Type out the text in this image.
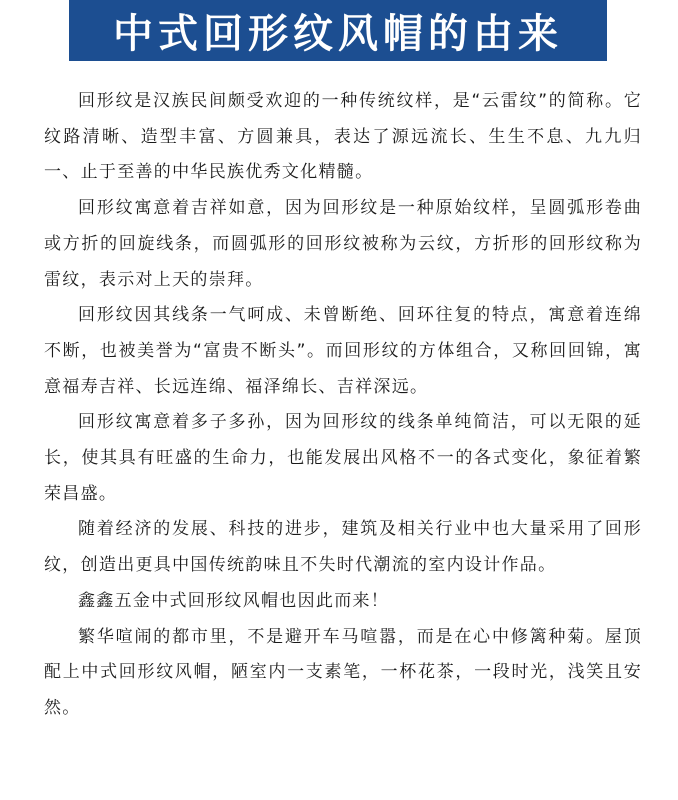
中式回形纹风帽的由来

回形纹是汉族民间颇受欢迎的一种传统纹样，是“云雷纹”的简称。它纹路清晰、造型丰富、方圆兼具，表达了源远流长、生生不息、九九归一、止于至善的中华民族优秀文化精髓。

回形纹寓意着吉祥如意，因为回形纹是一种原始纹样，呈圆弧形卷曲或方折的回旋线条，而圆弧形的回形纹被称为云纹，方折形的回形纹称为雷纹，表示对上天的崇拜。

回形纹因其线条一气呵成、未曾断绝、回环往复的特点，寓意着连绵不断，也被美誉为“富贵不断头”。而回形纹的方体组合，又称回回锦，寓意福寿吉祥、长远连绵、福泽绵长、吉祥深远。

回形纹寓意着多子多孙，因为回形纹的线条单纯简洁，可以无限的延长，使其具有旺盛的生命力，也能发展出风格不一的各式变化，象征着繁荣昌盛。

随着经济的发展、科技的进步，建筑及相关行业中也大量采用了回形纹，创造出更具中国传统韵味且不失时代潮流的室内设计作品。

鑫鑫五金中式回形纹风帽也因此而来！

繁华喧闹的都市里，不是避开车马喧嚣，而是在心中修篱种菊。屋顶配上中式回形纹风帽，陋室内一支素笔，一杯花茶，一段时光，浅笑且安然。
